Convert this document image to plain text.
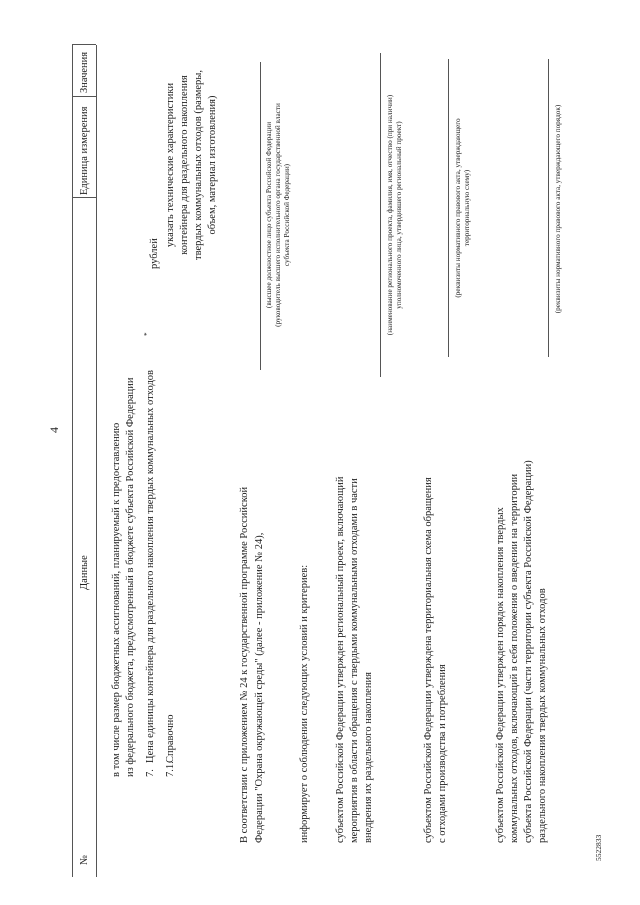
4
№
Данные
Единица измерения
Значения
в том числе размер бюджетных ассигнований, планируемый к предоставлению из федерального бюджета, предусмотренный в бюджете субъекта Российской Федерации 7.
Цена единицы контейнера для раздельного накопления твердых коммунальных отходов
*
рублей
7.1.
Справочно
указать технические характеристики контейнера для раздельного накопления твердых коммунальных отходов (размеры, объем, материал изготовления)
В соответствии с приложением № 24 к государственной программе Российской Федерации "Охрана окружающей среды" (далее - приложение № 24),
(высшее должностное лицо субъекта Российской Федерации (руководитель высшего исполнительного органа государственной власти субъекта Российской Федерации)
информирует о соблюдении следующих условий и критериев: субъектом Российской Федерации утвержден региональный проект, включающий мероприятия в области обращения с твердыми коммунальными отходами в части внедрения их раздельного накопления
(наименование регионального проекта, фамилия, имя, отчество (при наличии) уполномоченного лица, утвердившего региональный проект)
субъектом Российской Федерации утверждена территориальная схема обращения с отходами производства и потребления
(реквизиты нормативного правового акта, утверждающего территориальную схему)
субъектом Российской Федерации утвержден порядок накопления твердых коммунальных отходов, включающий в себя положения о введении на территории субъекта Российской Федерации (части территории субъекта Российской Федерации) раздельного накопления твердых коммунальных отходов
(реквизиты нормативного правового акта, утверждающего порядок)
5522833
